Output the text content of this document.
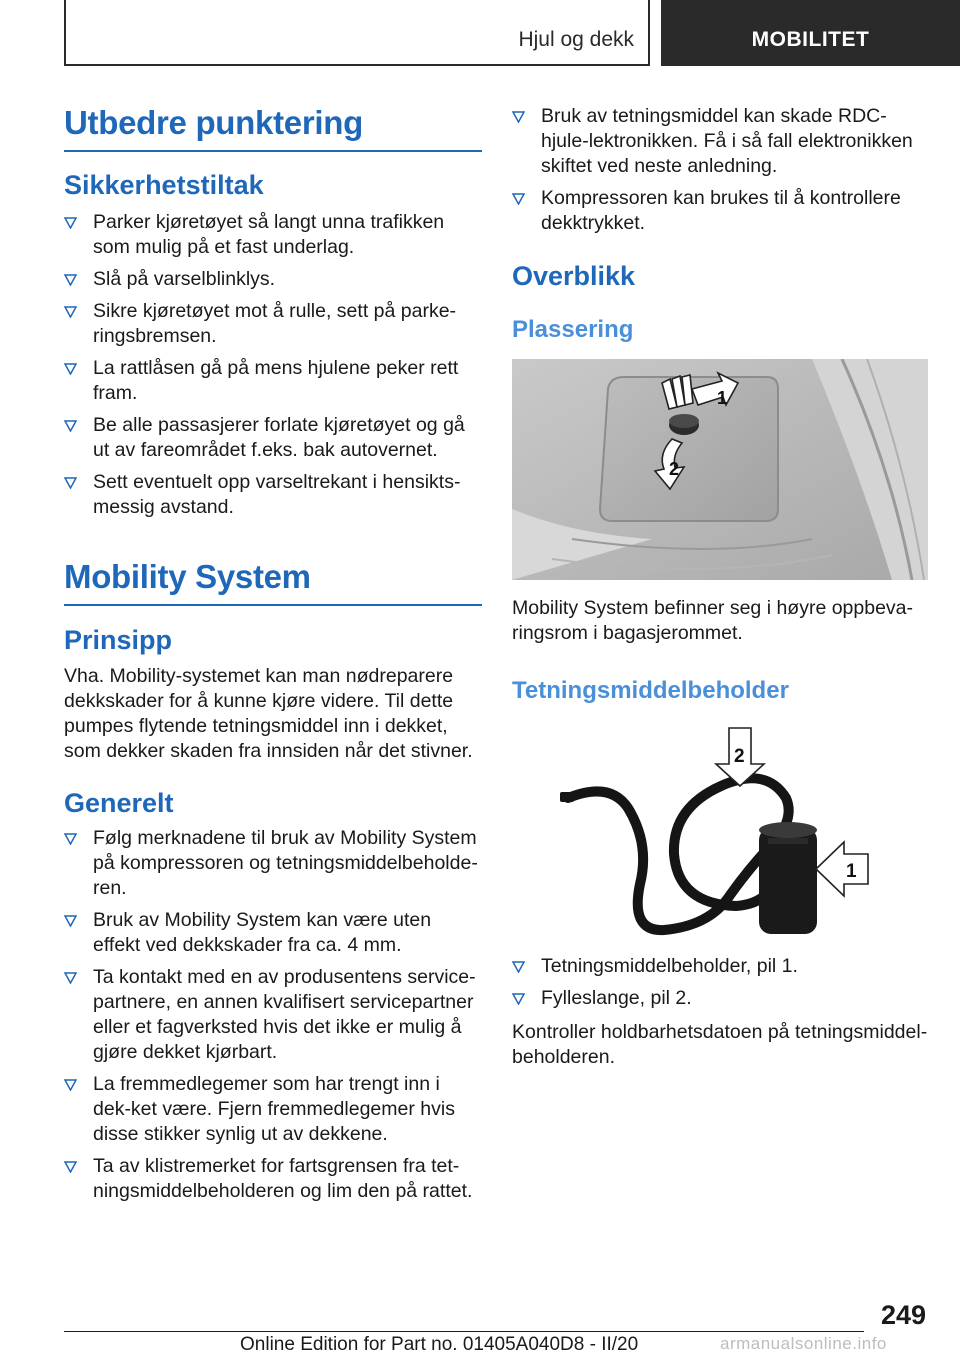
Hjul og dekk	MOBILITET
Utbedre punktering
Sikkerhetstiltak
Parker kjøretøyet så langt unna trafikken som mulig på et fast underlag.
Slå på varselblinklys.
Sikre kjøretøyet mot å rulle, sett på parke-ringsbremsen.
La rattlåsen gå på mens hjulene peker rett fram.
Be alle passasjerer forlate kjøretøyet og gå ut av fareområdet f.eks. bak autovernet.
Sett eventuelt opp varseltrekant i hensikts-messig avstand.
Mobility System
Prinsipp
Vha. Mobility-systemet kan man nødreparere dekkskader for å kunne kjøre videre. Til dette pumpes flytende tetningsmiddel inn i dekket, som dekker skaden fra innsiden når det stivner.
Generelt
Følg merknadene til bruk av Mobility System på kompressoren og tetningsmiddelbeholde-ren.
Bruk av Mobility System kan være uten effekt ved dekkskader fra ca. 4 mm.
Ta kontakt med en av produsentens service-partnere, en annen kvalifisert servicepartner eller et fagverksted hvis det ikke er mulig å gjøre dekket kjørbart.
La fremmedlegemer som har trengt inn i dek-ket være. Fjern fremmedlegemer hvis disse stikker synlig ut av dekkene.
Ta av klistremerket for fartsgrensen fra tet-ningsmiddelbeholderen og lim den på rattet.
Bruk av tetningsmiddel kan skade RDC-hjule-lektronikken. Få i så fall elektronikken skiftet ved neste anledning.
Kompressoren kan brukes til å kontrollere dekktrykket.
Overblikk
Plassering
1
2
Mobility System befinner seg i høyre oppbeva-ringsrom i bagasjerommet.
Tetningsmiddelbeholder
2
1
Tetningsmiddelbeholder, pil 1.
Fylleslange, pil 2.
Kontroller holdbarhetsdatoen på tetningsmiddel-beholderen.
249
Online Edition for Part no. 01405A040D8 - II/20	armanualsonline.info
